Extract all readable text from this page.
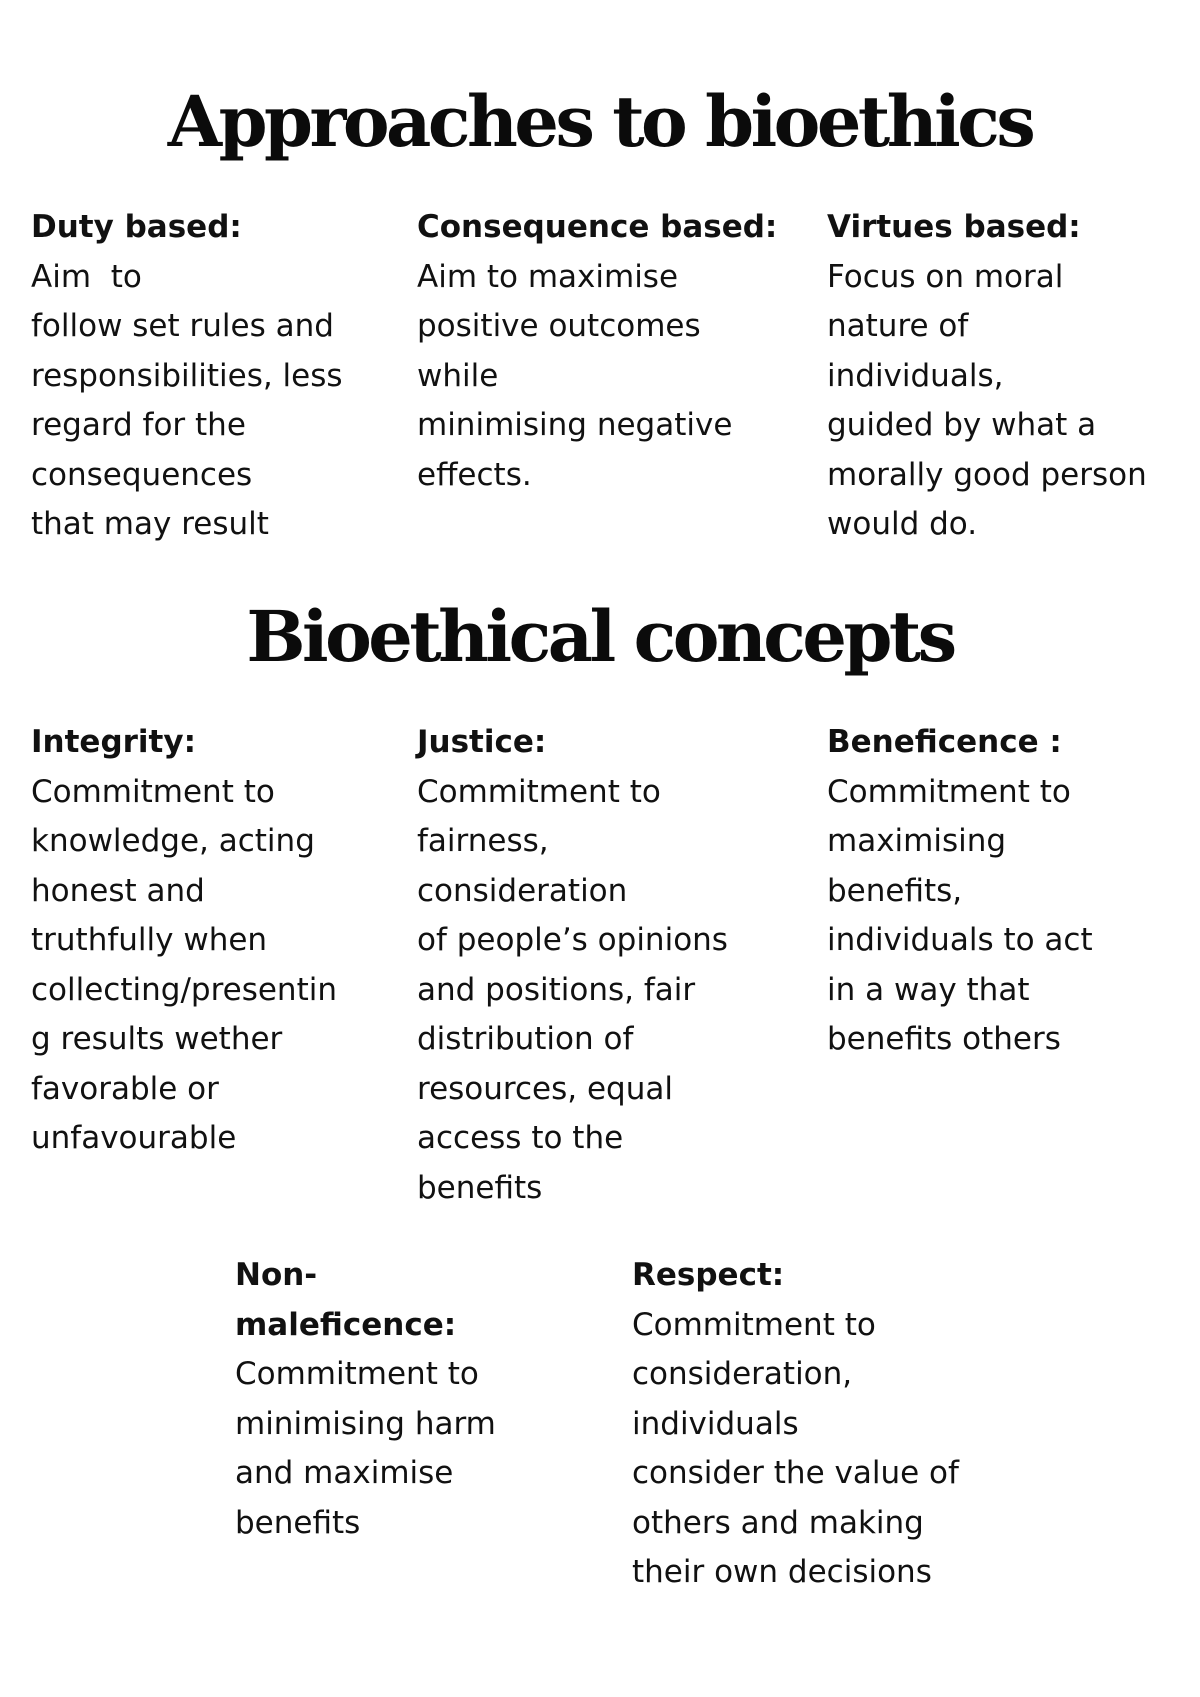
Approaches to bioethics
Duty based:
Aim  to
follow set rules and
responsibilities, less
regard for the
consequences
that may result
Consequence based:
Aim to maximise
positive outcomes
while
minimising negative
effects.
Virtues based:
Focus on moral
nature of
individuals,
guided by what a
morally good person
would do.
Bioethical concepts
Integrity:
Commitment to
knowledge, acting
honest and
truthfully when
collecting/presentin
g results wether
favorable or
unfavourable
Justice:
Commitment to
fairness,
consideration
of people’s opinions
and positions, fair
distribution of
resources, equal
access to the
benefits
Beneficence :
Commitment to
maximising
benefits,
individuals to act
in a way that
benefits others
Non-
maleficence:
Commitment to
minimising harm
and maximise
benefits
Respect:
Commitment to
consideration,
individuals
consider the value of
others and making
their own decisions
